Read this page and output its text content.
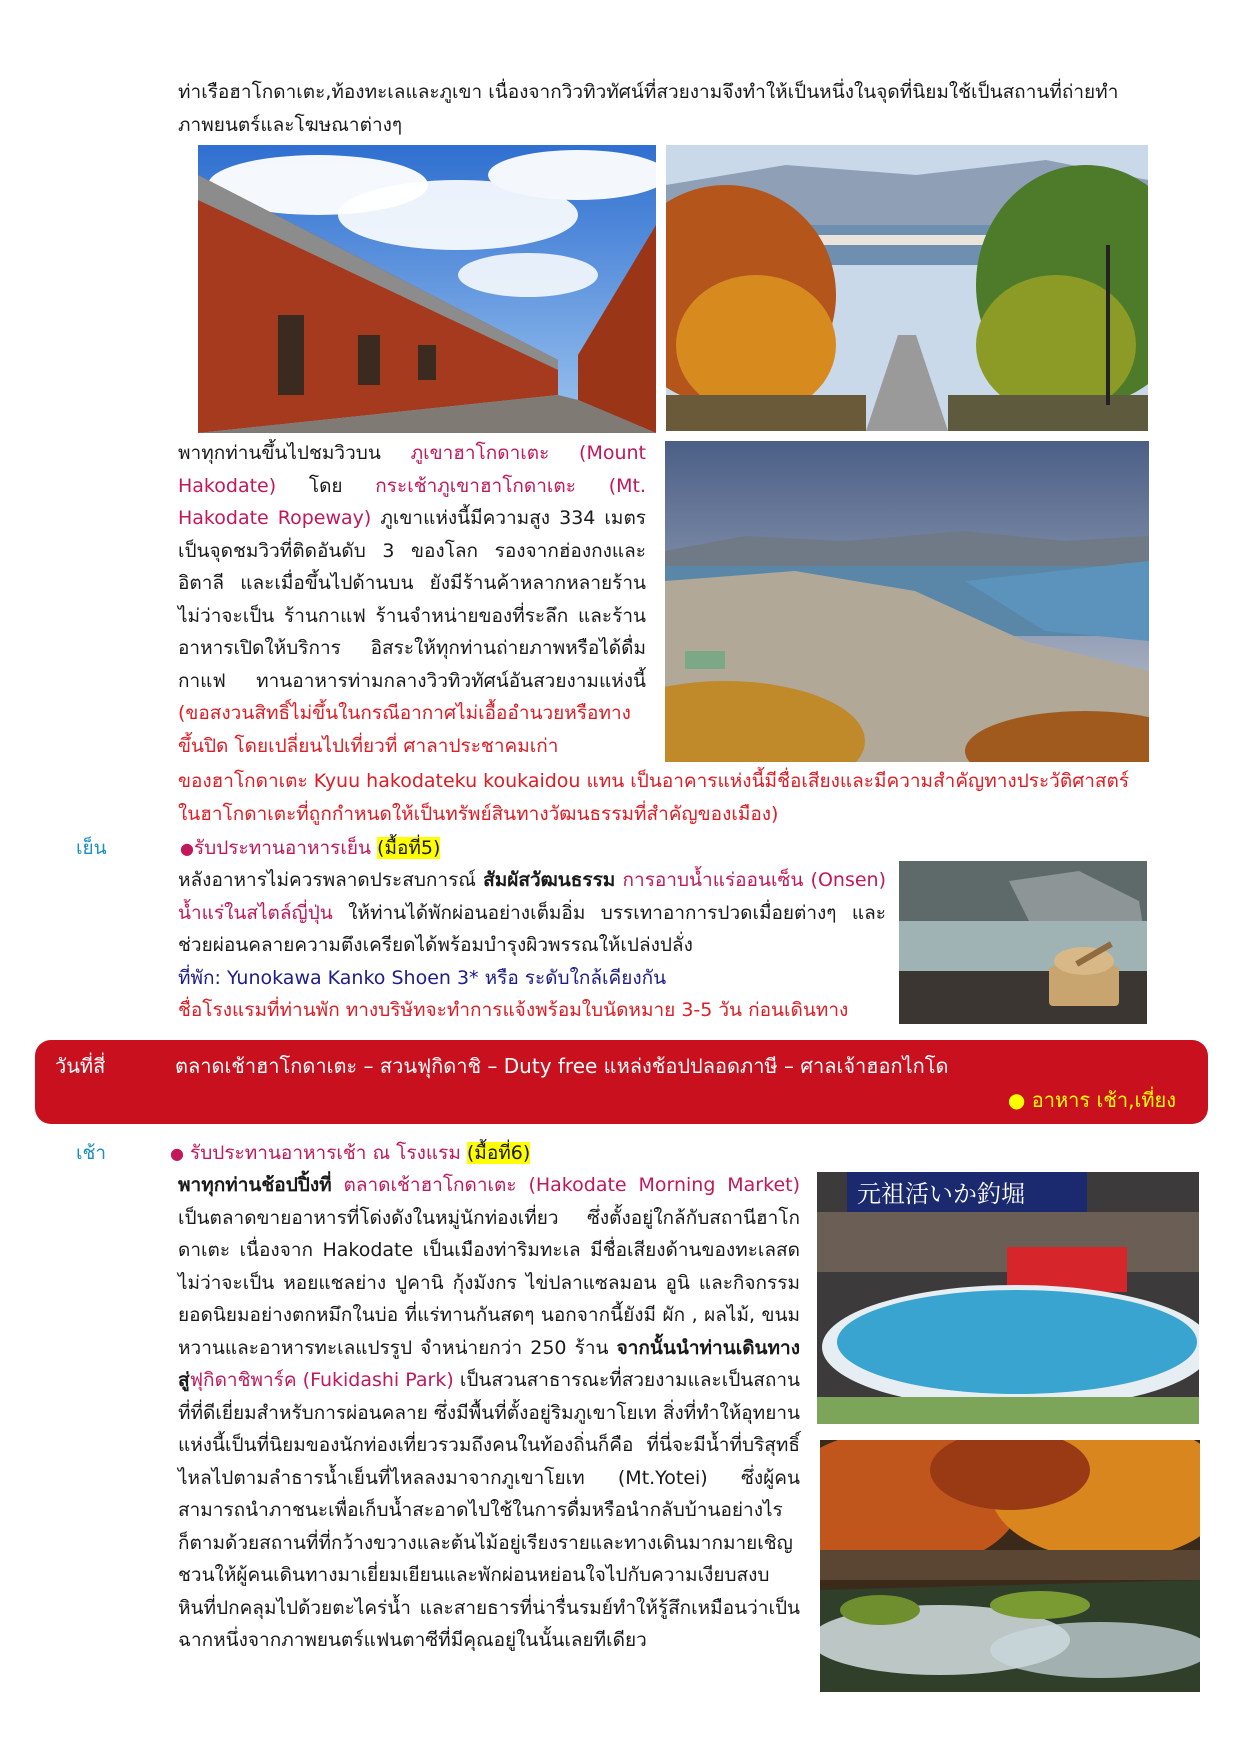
ท่าเรือฮาโกดาเตะ,ท้องทะเลและภูเขา เนื่องจากวิวทิวทัศน์ที่สวยงามจึงทำให้เป็นหนึ่งในจุดที่นิยมใช้เป็นสถานที่ถ่ายทำ

ภาพยนตร์และโฆษณาต่างๆ

พาทุกท่านขึ้นไปชมวิวบน ภูเขาฮาโกดาเตะ (Mount Hakodate) โดย กระเช้าภูเขาฮาโกดาเตะ (Mt. Hakodate Ropeway) ภูเขาแห่งนี้มีความสูง 334 เมตร เป็นจุดชมวิวที่ติดอันดับ 3 ของโลก รองจากฮ่องกงและอิตาลี และเมื่อขึ้นไปด้านบน ยังมีร้านค้าหลากหลายร้าน ไม่ว่าจะเป็น ร้านกาแฟ ร้านจำหน่ายของที่ระลึก และร้านอาหารเปิดให้บริการ อิสระให้ทุกท่านถ่ายภาพหรือได้ดื่มกาแฟ ทานอาหารท่ามกลางวิวทิวทัศน์อันสวยงามแห่งนี้ (ขอสงวนสิทธิ์ไม่ขึ้นในกรณีอากาศไม่เอื้ออำนวยหรือทางขึ้นปิด โดยเปลี่ยนไปเที่ยวที่ ศาลาประชาคมเก่า

ของฮาโกดาเตะ Kyuu hakodateku koukaidou แทน เป็นอาคารแห่งนี้มีชื่อเสียงและมีความสำคัญทางประวัติศาสตร์

ในฮาโกดาเตะที่ถูกกำหนดให้เป็นทรัพย์สินทางวัฒนธรรมที่สำคัญของเมือง)

เย็น	●รับประทานอาหารเย็น (มื้อที่5)

หลังอาหารไม่ควรพลาดประสบการณ์ สัมผัสวัฒนธรรม การอาบน้ำแร่ออนเซ็น (Onsen) น้ำแร่ในสไตล์ญี่ปุ่น ให้ท่านได้พักผ่อนอย่างเต็มอิ่ม บรรเทาอาการปวดเมื่อยต่างๆ และช่วยผ่อนคลายความตึงเครียดได้พร้อมบำรุงผิวพรรณให้เปล่งปลั่ง

ที่พัก: Yunokawa Kanko Shoen 3* หรือ ระดับใกล้เคียงกัน

ชื่อโรงแรมที่ท่านพัก ทางบริษัทจะทำการแจ้งพร้อมใบนัดหมาย 3-5 วัน ก่อนเดินทาง

วันที่สี่	ตลาดเช้าฮาโกดาเตะ – สวนฟุกิดาชิ – Duty free แหล่งช้อปปลอดภาษี – ศาลเจ้าฮอกไกโด
● อาหาร เช้า,เที่ยง
เช้า	● รับประทานอาหารเช้า ณ โรงแรม (มื้อที่6)

พาทุกท่านช้อปปิ้งที่ ตลาดเช้าฮาโกดาเตะ (Hakodate Morning Market) เป็นตลาดขายอาหารที่โด่งดังในหมู่นักท่องเที่ยว ซึ่งตั้งอยู่ใกล้กับสถานีฮาโกดาเตะ เนื่องจาก Hakodate เป็นเมืองท่าริมทะเล มีชื่อเสียงด้านของทะเลสด ไม่ว่าจะเป็น หอยแชลย่าง ปูคานิ กุ้งมังกร ไข่ปลาแซลมอน อูนิ และกิจกรรมยอดนิยมอย่างตกหมึกในบ่อ ที่แร่ทานกันสดๆ นอกจากนี้ยังมี ผัก , ผลไม้, ขนมหวานและอาหารทะเลแปรรูป จำหน่ายกว่า 250 ร้าน จากนั้นนำท่านเดินทางสู่ฟุกิดาชิพาร์ค (Fukidashi Park) เป็นสวนสาธารณะที่สวยงามและเป็นสถานที่ที่ดีเยี่ยมสำหรับการผ่อนคลาย ซึ่งมีพื้นที่ตั้งอยู่ริมภูเขาโยเท สิ่งที่ทำให้อุทยานแห่งนี้เป็นที่นิยมของนักท่องเที่ยวรวมถึงคนในท้องถิ่นก็คือ ที่นี่จะมีน้ำที่บริสุทธิ์ไหลไปตามลำธารน้ำเย็นที่ไหลลงมาจากภูเขาโยเท (Mt.Yotei) ซึ่งผู้คนสามารถนำภาชนะเพื่อเก็บน้ำสะอาดไปใช้ในการดื่มหรือนำกลับบ้านอย่างไรก็ตามด้วยสถานที่ที่กว้างขวางและต้นไม้อยู่เรียงรายและทางเดินมากมายเชิญชวนให้ผู้คนเดินทางมาเยี่ยมเยียนและพักผ่อนหย่อนใจไปกับความเงียบสงบ หินที่ปกคลุมไปด้วยตะไคร่น้ำ และสายธารที่น่ารื่นรมย์ทำให้รู้สึกเหมือนว่าเป็นฉากหนึ่งจากภาพยนตร์แฟนตาซีที่มีคุณอยู่ในนั้นเลยทีเดียว

元祖活いか釣堀
